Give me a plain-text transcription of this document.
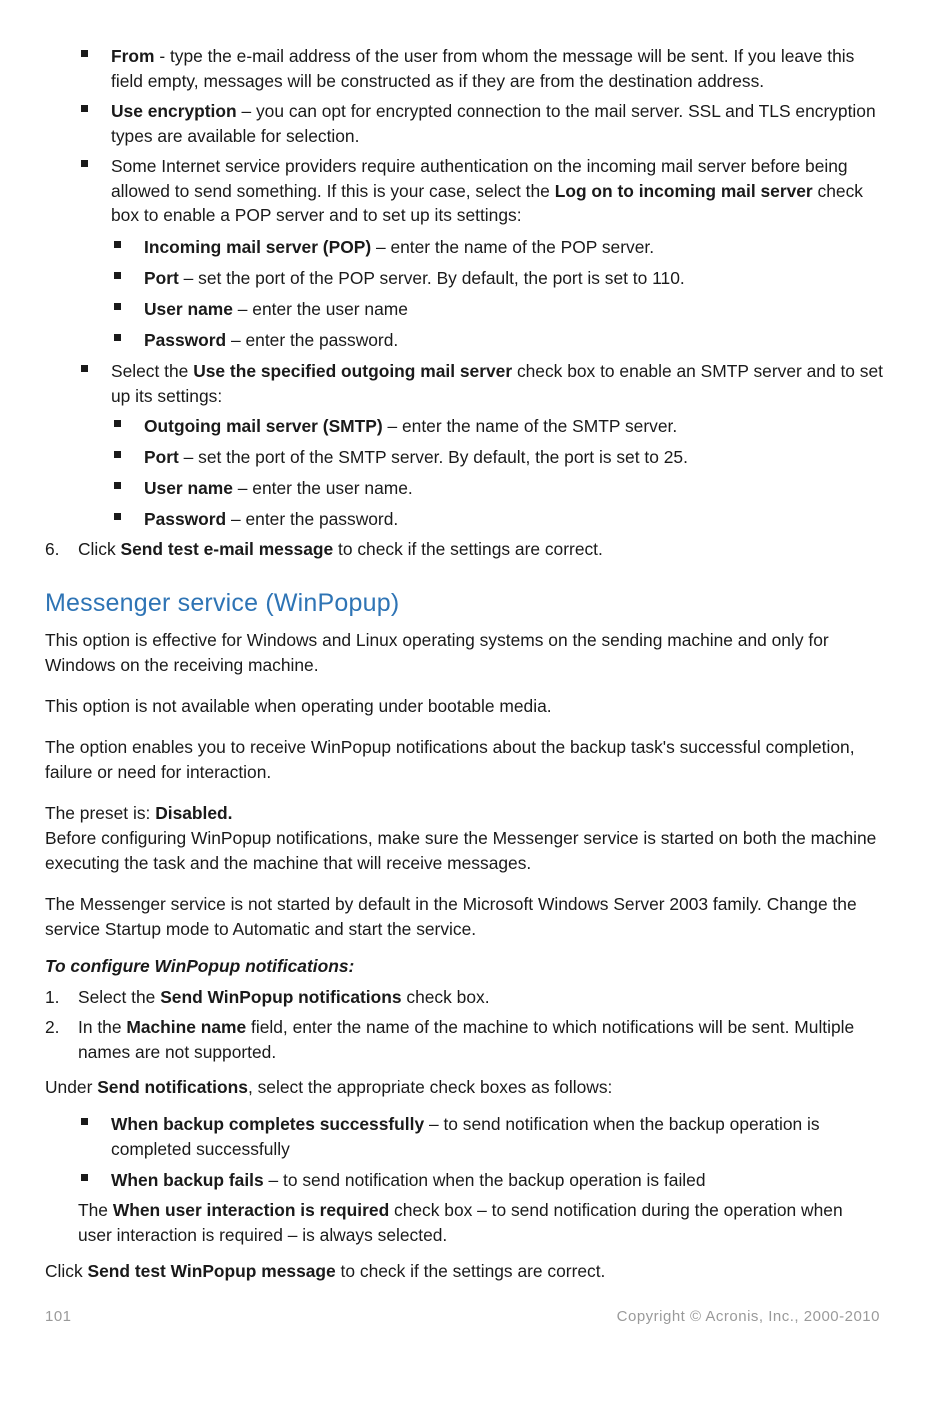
From - type the e-mail address of the user from whom the message will be sent. If you leave this field empty, messages will be constructed as if they are from the destination address.
Use encryption – you can opt for encrypted connection to the mail server. SSL and TLS encryption types are available for selection.
Some Internet service providers require authentication on the incoming mail server before being allowed to send something. If this is your case, select the Log on to incoming mail server check box to enable a POP server and to set up its settings:
Incoming mail server (POP) – enter the name of the POP server.
Port – set the port of the POP server. By default, the port is set to 110.
User name – enter the user name
Password – enter the password.
Select the Use the specified outgoing mail server check box to enable an SMTP server and to set up its settings:
Outgoing mail server (SMTP) – enter the name of the SMTP server.
Port – set the port of the SMTP server. By default, the port is set to 25.
User name – enter the user name.
Password – enter the password.
6. Click Send test e-mail message to check if the settings are correct.
Messenger service (WinPopup)
This option is effective for Windows and Linux operating systems on the sending machine and only for Windows on the receiving machine.
This option is not available when operating under bootable media.
The option enables you to receive WinPopup notifications about the backup task's successful completion, failure or need for interaction.
The preset is: Disabled.
Before configuring WinPopup notifications, make sure the Messenger service is started on both the machine executing the task and the machine that will receive messages.
The Messenger service is not started by default in the Microsoft Windows Server 2003 family. Change the service Startup mode to Automatic and start the service.
To configure WinPopup notifications:
1. Select the Send WinPopup notifications check box.
2. In the Machine name field, enter the name of the machine to which notifications will be sent. Multiple names are not supported.
Under Send notifications, select the appropriate check boxes as follows:
When backup completes successfully – to send notification when the backup operation is completed successfully
When backup fails – to send notification when the backup operation is failed
The When user interaction is required check box – to send notification during the operation when user interaction is required – is always selected.
Click Send test WinPopup message to check if the settings are correct.
101	Copyright © Acronis, Inc., 2000-2010
